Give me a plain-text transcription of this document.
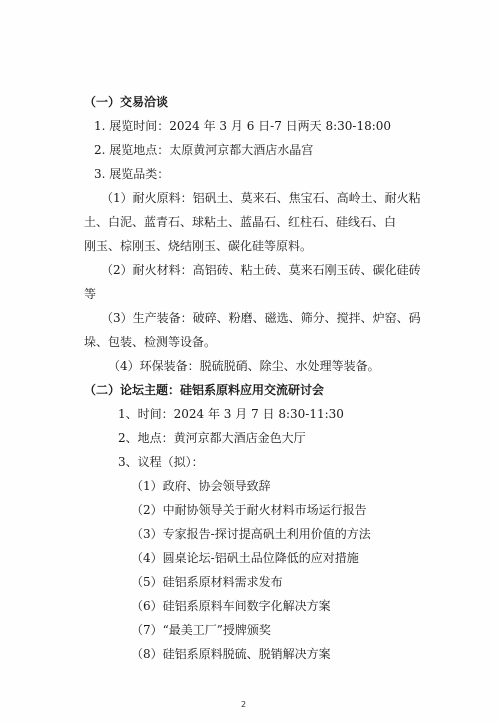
（一）交易洽谈
1. 展览时间：2024 年 3 月 6 日-7 日两天 8:30-18:00
2. 展览地点：太原黄河京都大酒店水晶宫
3. 展览品类：
（1）耐火原料：铝矾土、莫来石、焦宝石、高岭土、耐火粘
土、白泥、蓝青石、球粘土、蓝晶石、红柱石、硅线石、白
刚玉、棕刚玉、烧结刚玉、碳化硅等原料。
（2）耐火材料：高铝砖、粘土砖、莫来石刚玉砖、碳化硅砖
等
（3）生产装备：破碎、粉磨、磁选、筛分、搅拌、炉窑、码
垛、包装、检测等设备。
（4）环保装备：脱硫脱硝、除尘、水处理等装备。
（二）论坛主题：硅铝系原料应用交流研讨会
1、时间：2024 年 3 月 7 日 8:30-11:30
2、地点：黄河京都大酒店金色大厅
3、议程（拟）：
（1）政府、协会领导致辞
（2）中耐协领导关于耐火材料市场运行报告
（3）专家报告-探讨提高矾土利用价值的方法
（4）圆桌论坛-铝矾土品位降低的应对措施
（5）硅铝系原材料需求发布
（6）硅铝系原料车间数字化解决方案
（7）“最美工厂”授牌颁奖
（8）硅铝系原料脱硫、脱销解决方案
2
